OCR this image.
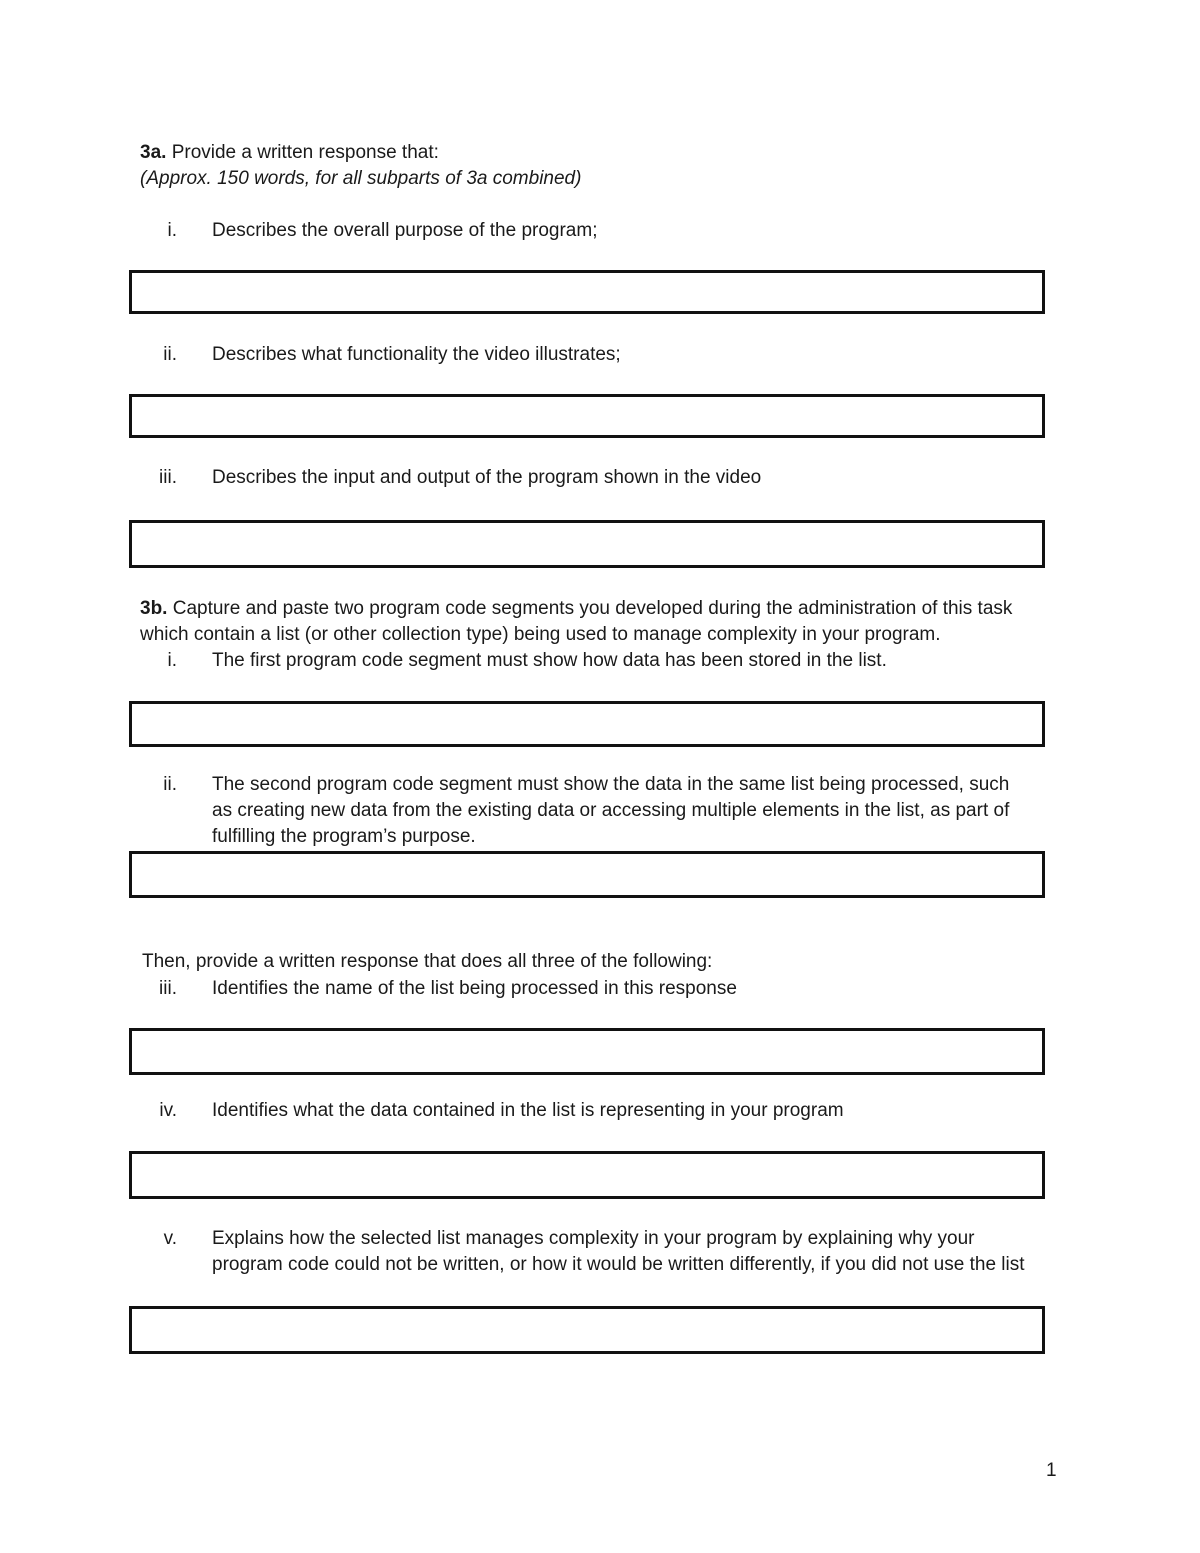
3a. Provide a written response that:
(Approx. 150 words, for all subparts of 3a combined)
i. Describes the overall purpose of the program;
ii. Describes what functionality the video illustrates;
iii. Describes the input and output of the program shown in the video
3b. Capture and paste two program code segments you developed during the administration of this task
which contain a list (or other collection type) being used to manage complexity in your program.
i. The first program code segment must show how data has been stored in the list.
ii. The second program code segment must show the data in the same list being processed, such
as creating new data from the existing data or accessing multiple elements in the list, as part of
fulfilling the program’s purpose.
Then, provide a written response that does all three of the following:
iii. Identifies the name of the list being processed in this response
iv. Identifies what the data contained in the list is representing in your program
v. Explains how the selected list manages complexity in your program by explaining why your
program code could not be written, or how it would be written differently, if you did not use the list
1
